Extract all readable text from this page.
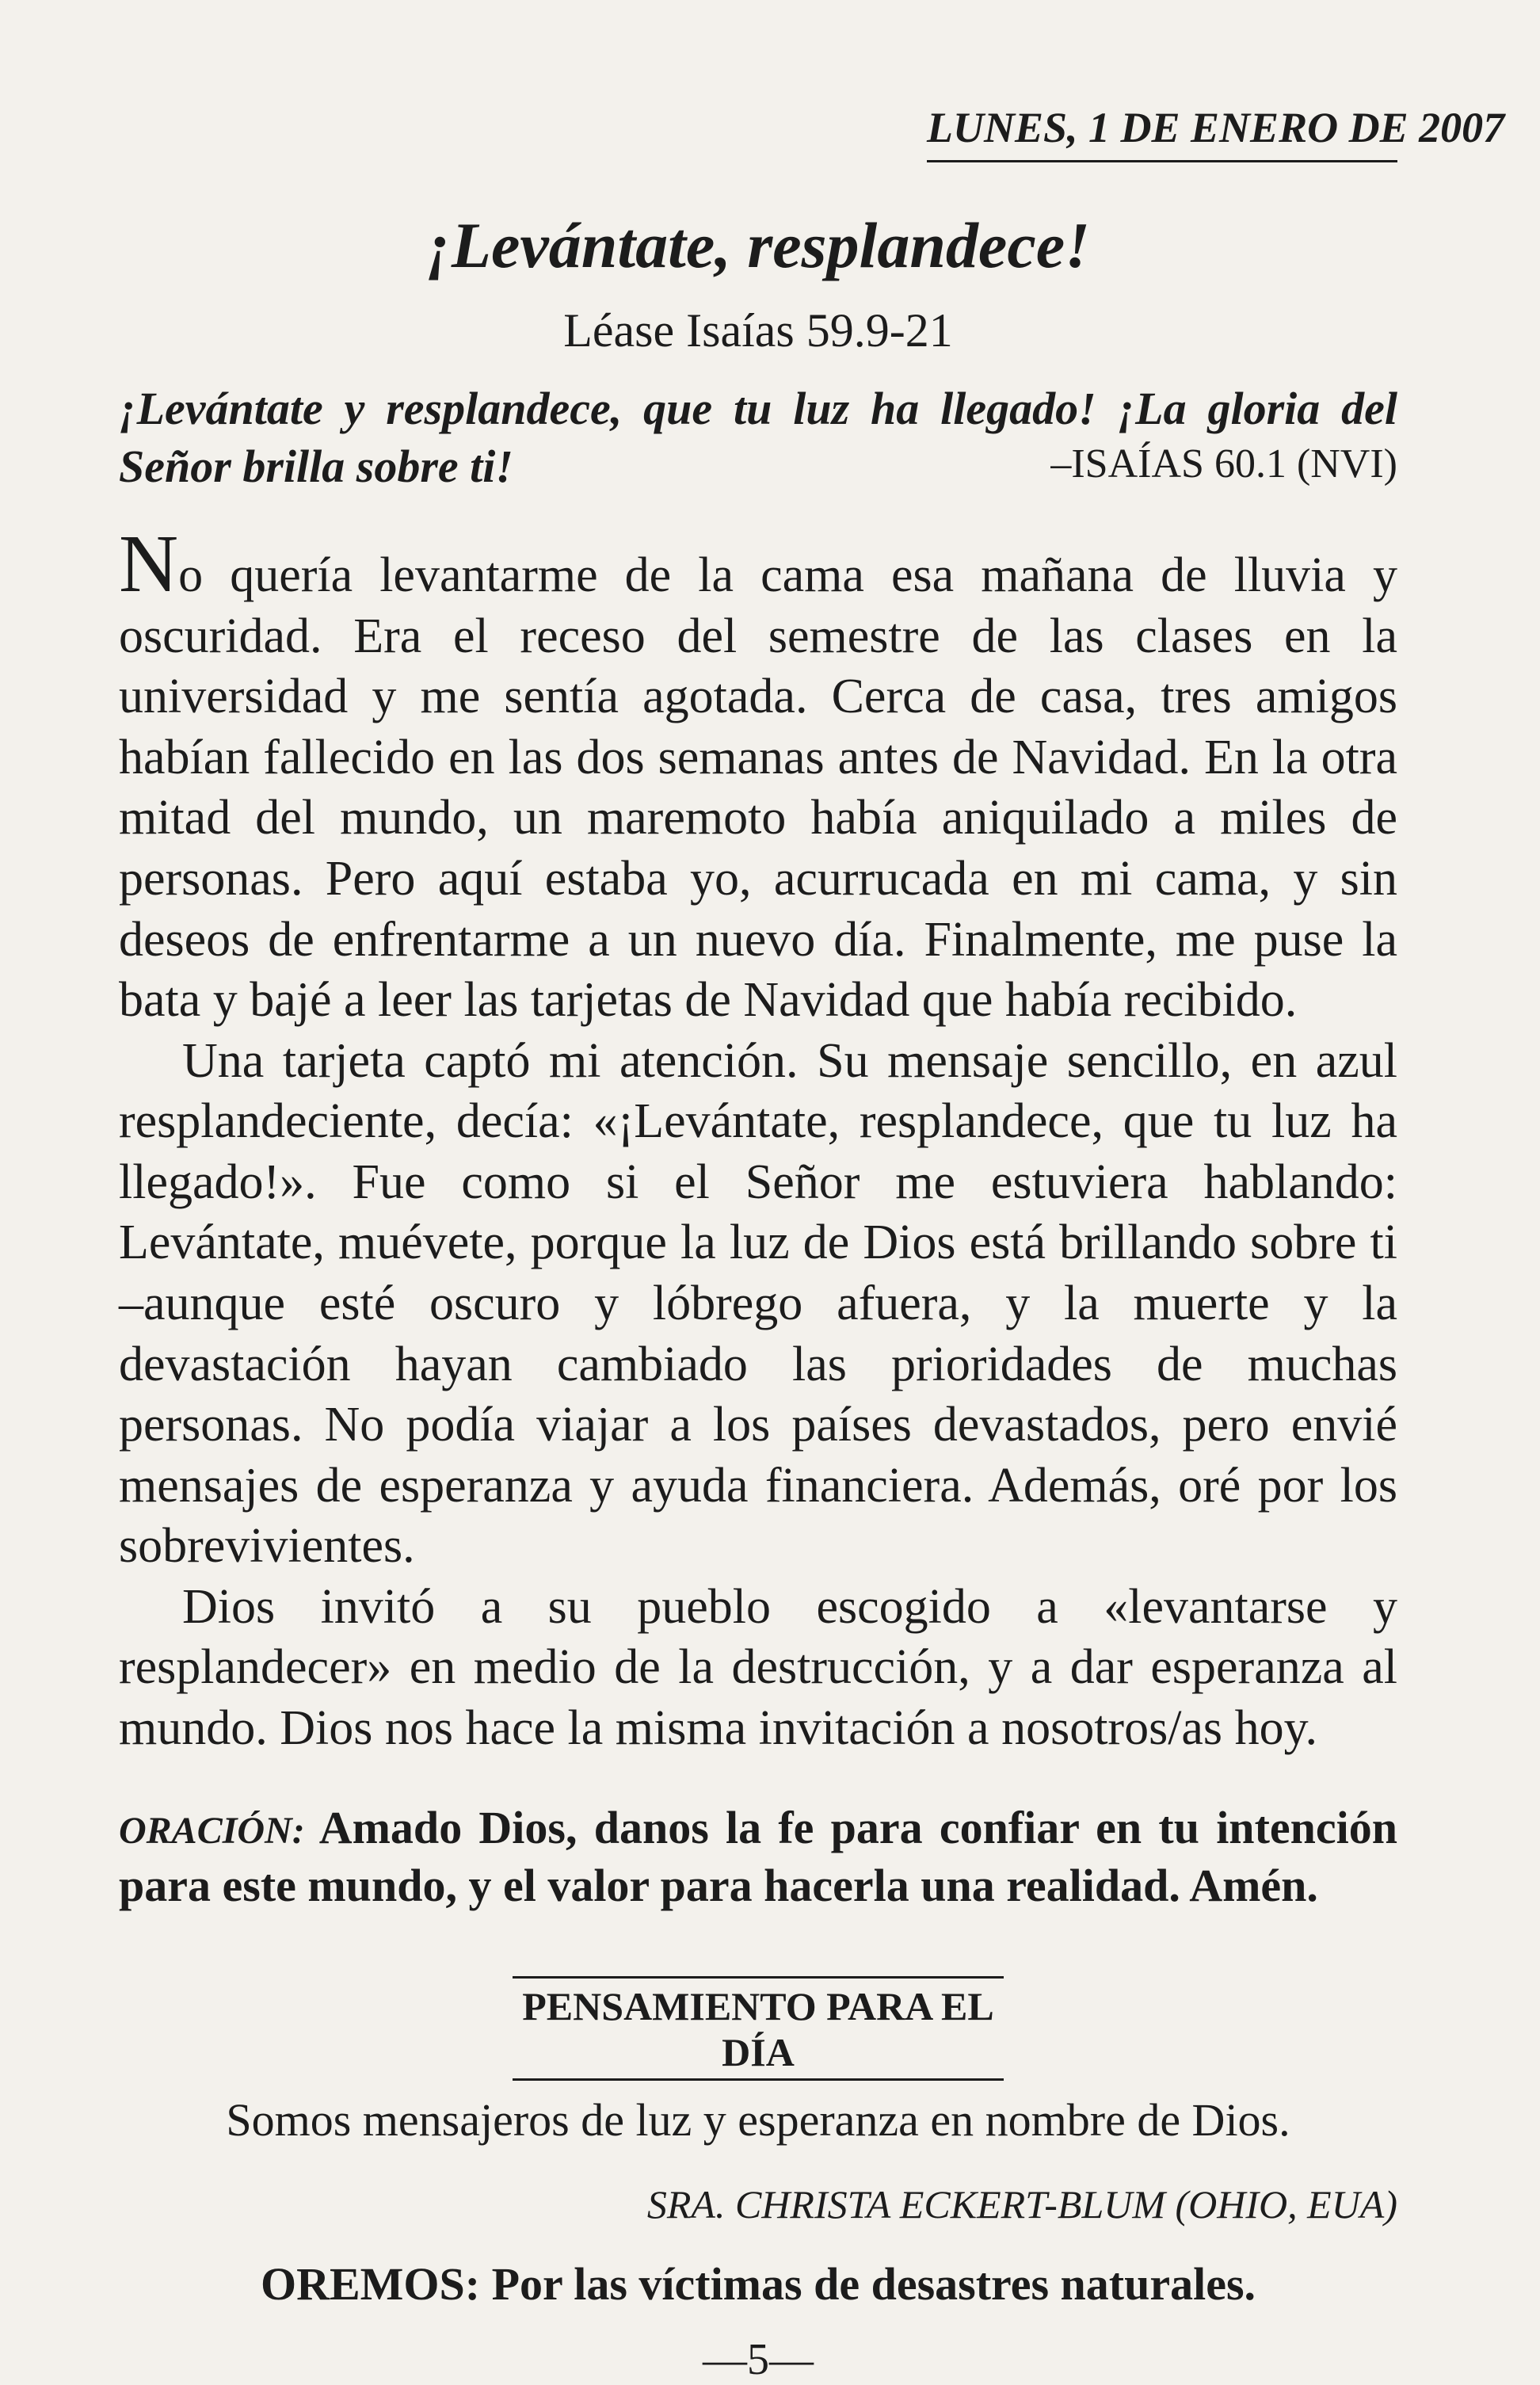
LUNES, 1 DE ENERO DE 2007
¡Levántate, resplandece!
Léase Isaías 59.9-21
¡Levántate y resplandece, que tu luz ha llegado! ¡La gloria del Señor brilla sobre ti!	–ISAÍAS 60.1 (NVI)

No quería levantarme de la cama esa mañana de lluvia y oscuridad. Era el receso del semestre de las clases en la universidad y me sentía agotada. Cerca de casa, tres amigos habían fallecido en las dos semanas antes de Navidad. En la otra mitad del mundo, un maremoto había aniquilado a miles de personas. Pero aquí estaba yo, acurrucada en mi cama, y sin deseos de enfrentarme a un nuevo día. Finalmente, me puse la bata y bajé a leer las tarjetas de Navidad que había recibido.

Una tarjeta captó mi atención. Su mensaje sencillo, en azul resplandeciente, decía: «¡Levántate, resplandece, que tu luz ha llegado!». Fue como si el Señor me estuviera hablando: Levántate, muévete, porque la luz de Dios está brillando sobre ti –aunque esté oscuro y lóbrego afuera, y la muerte y la devastación hayan cambiado las prioridades de muchas personas. No podía viajar a los países devastados, pero envié mensajes de esperanza y ayuda financiera. Además, oré por los sobrevivientes.

Dios invitó a su pueblo escogido a «levantarse y resplandecer» en medio de la destrucción, y a dar esperanza al mundo. Dios nos hace la misma invitación a nosotros/as hoy.

ORACIÓN: Amado Dios, danos la fe para confiar en tu intención para este mundo, y el valor para hacerla una realidad. Amén.
PENSAMIENTO PARA EL DÍA
Somos mensajeros de luz y esperanza en nombre de Dios.
SRA. CHRISTA ECKERT-BLUM (OHIO, EUA)
OREMOS: Por las víctimas de desastres naturales.
—5—
